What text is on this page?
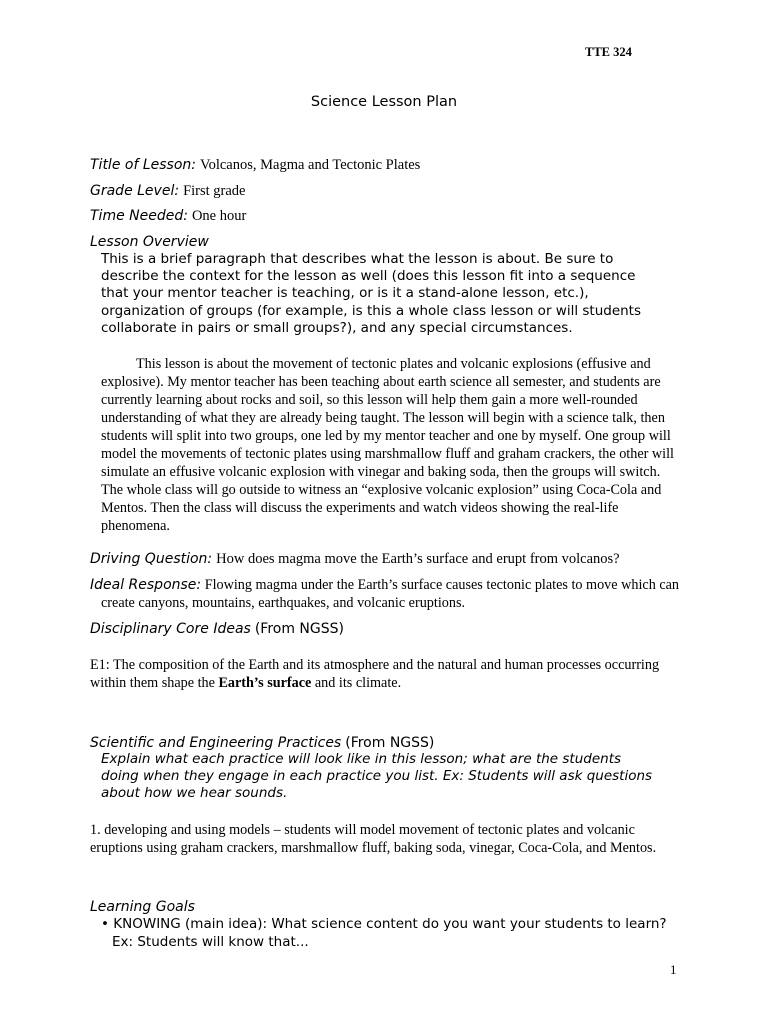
TTE 324
Science Lesson Plan
Title of Lesson: Volcanos, Magma and Tectonic Plates
Grade Level: First grade
Time Needed: One hour
Lesson Overview
This is a brief paragraph that describes what the lesson is about. Be sure to describe the context for the lesson as well (does this lesson fit into a sequence that your mentor teacher is teaching, or is it a stand-alone lesson, etc.), organization of groups (for example, is this a whole class lesson or will students collaborate in pairs or small groups?), and any special circumstances.
This lesson is about the movement of tectonic plates and volcanic explosions (effusive and explosive). My mentor teacher has been teaching about earth science all semester, and students are currently learning about rocks and soil, so this lesson will help them gain a more well-rounded understanding of what they are already being taught. The lesson will begin with a science talk, then students will split into two groups, one led by my mentor teacher and one by myself. One group will model the movements of tectonic plates using marshmallow fluff and graham crackers, the other will simulate an effusive volcanic explosion with vinegar and baking soda, then the groups will switch. The whole class will go outside to witness an “explosive volcanic explosion” using Coca-Cola and Mentos. Then the class will discuss the experiments and watch videos showing the real-life phenomena.
Driving Question: How does magma move the Earth’s surface and erupt from volcanos?
Ideal Response: Flowing magma under the Earth’s surface causes tectonic plates to move which can create canyons, mountains, earthquakes, and volcanic eruptions.
Disciplinary Core Ideas (From NGSS)
E1: The composition of the Earth and its atmosphere and the natural and human processes occurring within them shape the Earth’s surface and its climate.
Scientific and Engineering Practices (From NGSS)
Explain what each practice will look like in this lesson; what are the students doing when they engage in each practice you list. Ex: Students will ask questions about how we hear sounds.
1. developing and using models – students will model movement of tectonic plates and volcanic eruptions using graham crackers, marshmallow fluff, baking soda, vinegar, Coca-Cola, and Mentos.
Learning Goals
• KNOWING (main idea): What science content do you want your students to learn? Ex: Students will know that...
1
